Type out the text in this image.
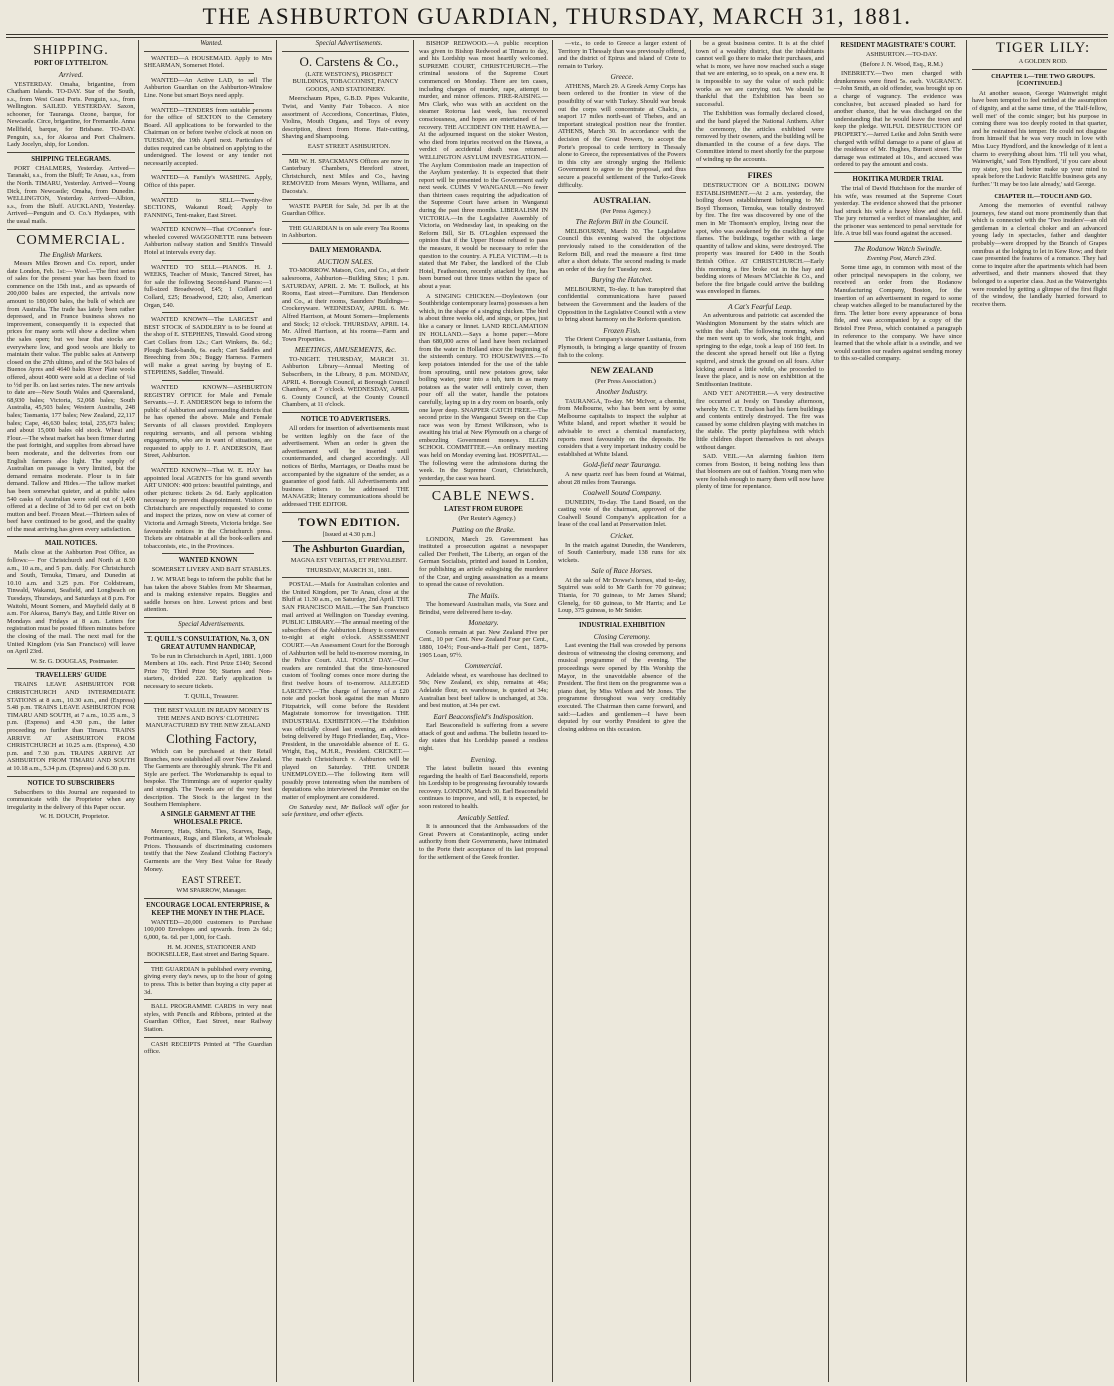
THE ASHBURTON GUARDIAN, THURSDAY, MARCH 31, 1881.
SHIPPING.
PORT OF LYTTELTON.
Arrived.

YESTERDAY. Omaha, brigantine, from Chatham Islands. TO-DAY. Star of the South, s.s., from West Coast Ports. Penguin, s.s., from Wellington. SAILED. YESTERDAY. Saxon, schooner, for Tauranga. Ozone, barque, for Newcastle. Circe, brigantine, for Fremantle. Anna Mellfield, barque, for Brisbane. TO-DAY. Penguin, s.s., for Akaroa and Port Chalmers. Lady Jocelyn, ship, for London.

SHIPPING TELEGRAMS.

PORT CHALMERS, Yesterday. Arrived—Taranaki, s.s., from the Bluff; Te Anau, s.s., from the North. TIMARU, Yesterday. Arrived—Young Dick, from Newcastle; Omaha, from Dunedin. WELLINGTON, Yesterday. Arrived—Albion, s.s., from the Bluff. AUCKLAND, Yesterday. Arrived—Penguin and O. Co.'s Hydaspes, with the usual mails.

COMMERCIAL.
The English Markets.

Messrs Miles Brown and Co. report, under date London, Feb. 1st:— Wool.—The first series of sales for the present year has been fixed to commence on the 15th inst., and as upwards of 200,000 bales are expected, the arrivals now amount to 180,000 bales, the bulk of which are from Australia. The trade has lately been rather depressed, and in France business shows no improvement, consequently it is expected that prices for many sorts will show a decline when the sales open; but we hear that stocks are everywhere low, and good wools are likely to maintain their value. The public sales at Antwerp closed on the 27th ultimo, and of the 563 bales of Buenos Ayres and 4640 bales River Plate wools offered, about 4000 were sold at a decline of ¼d to ½d per lb. on last series rates. The new arrivals to date are—New South Wales and Queensland, 68,930 bales; Victoria, 52,068 bales; South Australia, 45,503 bales; Western Australia, 248 bales; Tasmania, 177 bales; New Zealand, 22,117 bales; Cape, 46,630 bales; total, 235,673 bales; and about 15,000 bales old stock. Wheat and Flour.—The wheat market has been firmer during the past fortnight, and supplies from abroad have been moderate, and the deliveries from our English farmers also light. The supply of Australian on passage is very limited, but the demand remains moderate. Flour is in fair demand. Tallow and Hides.—The tallow market has been somewhat quieter, and at public sales 540 casks of Australian were sold out of 1,400 offered at a decline of 3d to 6d per cwt on both mutton and beef. Frozen Meat.—Thirteen sales of beef have continued to be good, and the quality of the meat arriving has given every satisfaction.

MAIL NOTICES.

Mails close at the Ashburton Post Office, as follows:— For Christchurch and North at 8.30 a.m., 10 a.m., and 5 p.m. daily. For Christchurch and South, Temuka, Timaru, and Dunedin at 10.10 a.m. and 3.25 p.m. For Coldstream, Tinwald, Wakanui, Seafield, and Longbeach on Tuesdays, Thursdays, and Saturdays at 8 p.m. For Waitohi, Mount Somers, and Mayfield daily at 8 a.m. For Akaroa, Barry's Bay, and Little River on Mondays and Fridays at 8 a.m. Letters for registration must be posted fifteen minutes before the closing of the mail. The next mail for the United Kingdom (via San Francisco) will leave on April 23rd.

W. Sr. G. DOUGLAS, Postmaster.

TRAVELLERS' GUIDE

TRAINS LEAVE ASHBURTON FOR CHRISTCHURCH AND INTERMEDIATE STATIONS at 8 a.m., 10.30 a.m., and (Express) 5.48 p.m. TRAINS LEAVE ASHBURTON FOR TIMARU AND SOUTH, at 7 a.m., 10.35 a.m., 3 p.m. (Express) and 4.30 p.m., the latter proceeding no further than Timaru. TRAINS ARRIVE AT ASHBURTON FROM CHRISTCHURCH at 10.25 a.m. (Express), 4.30 p.m. and 7.30 p.m. TRAINS ARRIVE AT ASHBURTON FROM TIMARU AND SOUTH at 10.18 a.m., 5.34 p.m. (Express) and 6.30 p.m.

NOTICE TO SUBSCRIBERS

Subscribers to this Journal are requested to communicate with the Proprietor when any irregularity in the delivery of this Paper occur.

W. H. DOUCH, Proprietor.

Wanted.

WANTED—A HOUSEMAID. Apply to Mrs SHEARMAN, Somerset Hotel.

WANTED—An Active LAD, to sell The Ashburton Guardian on the Ashburton-Winslow Line. None but smart Boys need apply.

WANTED—TENDERS from suitable persons for the office of SEXTON to the Cemetery Board. All applications to be forwarded to the Chairman on or before twelve o'clock at noon on TUESDAY, the 19th April next. Particulars of duties required can be obtained on applying to the undersigned. The lowest or any tender not necessarily accepted.

WANTED—A Family's WASHING. Apply, Office of this paper.

WANTED to SELL—Twenty-five SECTIONS, Wakanui Road; Apply to FANNING, Tent-maker, East Street.

WANTED KNOWN—That O'Connor's four-wheeled covered WAGGONETTE runs between Ashburton railway station and Smith's Tinwald Hotel at intervals every day.

WANTED TO SELL—PIANOS. H. J. WEEKS, Teacher of Music, Tancred Street, has for sale the following Second-hand Pianos:—1 full-sized Broadwood, £45; 1 Collard and Collard, £25; Broadwood, £20; also, American Organ, £40.

WANTED KNOWN—The LARGEST and BEST STOCK of SADDLERY is to be found at the shop of E. STEPHENS, Tinwald. Good strong Cart Collars from 12s.; Cart Winkers, 8s. 6d.; Plough Back-bands, 6s. each; Cart Saddles and Breeching from 30s.; Buggy Harness. Farmers will make a great saving by buying of E. STEPHENS, Saddler, Tinwald.

WANTED KNOWN—ASHBURTON REGISTRY OFFICE for Male and Female Servants.—J. F. ANDERSON begs to inform the public of Ashburton and surrounding districts that he has opened the above. Male and Female Servants of all classes provided. Employers requiring servants, and all persons wishing engagements, who are in want of situations, are requested to apply to J. F. ANDERSON, East Street, Ashburton.

WANTED KNOWN—That W. E. HAY has appointed local AGENTS for his grand seventh ART UNION: 400 prizes: beautiful paintings, and other pictures: tickets 2s 6d. Early application necessary to prevent disappointment. Visitors to Christchurch are respectfully requested to come and inspect the prizes, now on view at corner of Victoria and Armagh Streets, Victoria bridge. See favourable notices in the Christchurch press. Tickets are obtainable at all the book-sellers and tobacconists, etc., in the Provinces.

WANTED KNOWN

SOMERSET LIVERY AND BAIT STABLES.

J. W. M'RAE begs to inform the public that he has taken the above Stables from Mr Shearman, and is making extensive repairs. Buggies and saddle horses on hire. Lowest prices and best attention.

Special Advertisements.

T. QUILL'S CONSULTATION, No. 3, ON GREAT AUTUMN HANDICAP,

To be run in Christchurch in April, 1881. 1,000 Members at 10s. each. First Prize £140; Second Prize 70; Third Prize 50; Starters and Non-starters, divided 220. Early application is necessary to secure tickets.

T. QUILL, Treasurer.

THE BEST VALUE IN READY MONEY IS THE MEN'S AND BOYS' CLOTHING MANUFACTURED BY THE NEW ZEALAND

Clothing Factory,

Which can be purchased at their Retail Branches, now established all over New Zealand. The Garments are thoroughly shrunk. The Fit and Style are perfect. The Workmanship is equal to bespoke. The Trimmings are of superior quality and strength. The Tweeds are of the very best description. The Stock is the largest in the Southern Hemisphere.

A SINGLE GARMENT AT THE WHOLESALE PRICE.

Mercery, Hats, Shirts, Ties, Scarves, Bags, Portmanteaux, Rugs, and Blankets, at Wholesale Prices. Thousands of discriminating customers testify that the New Zealand Clothing Factory's Garments are the Very Best Value for Ready Money.

EAST STREET.

WM SPARROW, Manager.

ENCOURAGE LOCAL ENTERPRISE, & KEEP THE MONEY IN THE PLACE.

WANTED—20,000 customers to Purchase 100,000 Envelopes and upwards. from 2s 6d.; 6,000, 6s. 6d. per 1,000, for Cash.

H. M. JONES, STATIONER AND BOOKSELLER, East street and Baring Square.

THE GUARDIAN is published every evening, giving every day's news, up to the hour of going to press. This is better than buying a city paper at 3d.

BALL PROGRAMME CARDS in very neat styles, with Pencils and Ribbons, printed at the Guardian Office, East Street, near Railway Station.

CASH RECEIPTS Printed at "The Guardian office.

Special Advertisements.

O. Carstens & Co.,

(LATE WESTON'S), PROSPECT BUILDINGS, TOBACCONIST, FANCY GOODS, AND STATIONERY.

Meerschaum Pipes, G.B.D. Pipes Vulcanite, Twist, and Vanity Fair Tobacco. A nice assortment of Accordions, Concertinas, Flutes, Violins, Mouth Organs, and Toys of every description, direct from Home. Hair-cutting, Shaving and Shampooing.

EAST STREET ASHBURTON.

MR W. H. SPACKMAN'S Offices are now in Canterbury Chambers, Hereford street, Christchurch, next Miles and Co., having REMOVED from Messrs Wynn, Williams, and Dacosta's.

WASTE PAPER for Sale, 3d. per lb at the Guardian Office.

THE GUARDIAN is on sale every Tea Rooms in Ashburton.

DAILY MEMORANDA.
AUCTION SALES.

TO-MORROW. Matson, Cox, and Co., at their salesrooms, Ashburton—Building Sites; 1 p.m. SATURDAY, APRIL 2. Mr. T. Bullock, at his Rooms, East street—Furniture. Dan Henderson and Co., at their rooms, Saunders' Buildings—Crockeryware. WEDNESDAY, APRIL 6. Mr. Alfred Harrison, at Mount Somers—Implements and Stock; 12 o'clock. THURSDAY, APRIL 14. Mr. Alfred Harrison, at his rooms—Farm and Town Properties.

MEETINGS, AMUSEMENTS, &c.

TO-NIGHT. THURSDAY, MARCH 31. Ashburton Library—Annual Meeting of Subscribers, in the Library, 8 p.m. MONDAY, APRIL 4. Borough Council, at Borough Council Chambers, at 7 o'clock. WEDNESDAY, APRIL 6. County Council, at the County Council Chambers, at 11 o'clock.

NOTICE TO ADVERTISERS.

All orders for insertion of advertisements must be written legibly on the face of the advertisement. When an order is given the advertisement will be inserted until countermanded, and charged accordingly. All notices of Births, Marriages, or Deaths must be accompanied by the signature of the sender, as a guarantee of good faith. All Advertisements and business letters to be addressed THE MANAGER; literary communications should be addressed THE EDITOR.

TOWN EDITION.

[Issued at 4.30 p.m.]

The Ashburton Guardian,

MAGNA EST VERITAS, ET PREVALEBIT.

THURSDAY, MARCH 31, 1881.

POSTAL.—Mails for Australian colonies and the United Kingdom, per Te Anau, close at the Bluff at 11.30 a.m., on Saturday, 2nd April. THE SAN FRANCISCO MAIL.—The San Francisco mail arrived at Wellington on Tuesday evening. PUBLIC LIBRARY.—The annual meeting of the subscribers of the Ashburton Library is convened to-night at eight o'clock. ASSESSMENT COURT.—An Assessment Court for the Borough of Ashburton will be held to-morrow morning, in the Police Court. ALL FOOLS' DAY.—Our readers are reminded that the time-honoured custom of 'fooling' comes once more during the first twelve hours of to-morrow. ALLEGED LARCENY.—The charge of larceny of a £20 note and pocket book against the man Munro Fitzpatrick, will come before the Resident Magistrate tomorrow for investigation. THE INDUSTRIAL EXHIBITION.—The Exhibition was officially closed last evening, an address being delivered by Hugo Friedlander, Esq., Vice-President, in the unavoidable absence of E. G. Wright, Esq., M.H.R., President. CRICKET.—The match Christchurch v. Ashburton will be played on Saturday. THE UNDER UNEMPLOYED.—The following item will possibly prove interesting when the numbers of deputations who interviewed the Premier on the matter of employment are considered.

On Saturday next, Mr Bullock will offer for sale furniture, and other effects.

BISHOP REDWOOD.—A public reception was given to Bishop Redwood at Timaru to day, and his Lordship was most heartily welcomed. SUPREME COURT, CHRISTCHURCH.—The criminal sessions of the Supreme Court commenced on Monday. There are ten cases, including charges of murder, rape, attempt to murder, and minor offences. FIRE-RAISING.—Mrs Clark, who was with an accident on the steamer Rotorua last week, has recovered consciousness, and hopes are entertained of her recovery. THE ACCIDENT ON THE HAWEA.—At the adjourned inquest on the stoker Weston, who died from injuries received on the Hawea, a verdict of accidental death was returned. WELLINGTON ASYLUM INVESTIGATION.—The Asylum Commission made an inspection of the Asylum yesterday. It is expected that their report will be presented to the Government early next week. CUIMS V WANGANUI.—No fewer than thirteen cases requiring the adjudication of the Supreme Court have arisen in Wanganui during the past three months. LIBERALISM IN VICTORIA.—In the Legislative Assembly of Victoria, on Wednesday last, in speaking on the Reform Bill, Sir B. O'Loghlen expressed the opinion that if the Upper House refused to pass the measure, it would be necessary to refer the question to the country. A FLEA VICTIM.—It is stated that Mr Faber, the landlord of the Club Hotel, Featherston, recently attacked by fire, has been burned out three times within the space of about a year.

A SINGING CHICKEN.—Doylestown (our Southbridge contemporary learns) possesses a hen which, in the shape of a singing chicken. The bird is about three weeks old, and sings, or pipes, just like a canary or linnet. LAND RECLAMATION IN HOLLAND.—Says a home paper:—More than 680,000 acres of land have been reclaimed from the water in Holland since the beginning of the sixteenth century. TO HOUSEWIVES.—To keep potatoes intended for the use of the table from sprouting, until new potatoes grow, take boiling water, pour into a tub, turn in as many potatoes as the water will entirely cover, then pour off all the water, handle the potatoes carefully, laying up in a dry room on boards, only one layer deep. SNAPPER CATCH FREE.—The second prize in the Wanganui Sweep on the Cup race was won by Ernest Wilkinson, who is awaiting his trial at New Plymouth on a charge of embezzling Government moneys. ELGIN SCHOOL COMMITTEE.—An ordinary meeting was held on Monday evening last. HOSPITAL.—The following were the admissions during the week. In the Supreme Court, Christchurch, yesterday, the case was heard.

CABLE NEWS.
LATEST FROM EUROPE

(Per Reuter's Agency.)

Putting on the Brake.

LONDON, March 29. Government has instituted a prosecution against a newspaper called Der Freiheit, The Liberty, an organ of the German Socialists, printed and issued in London, for publishing an article eulogising the murderer of the Czar, and urging assassination as a means to spread the cause of revolution.

The Mails.

The homeward Australian mails, via Suez and Brindisi, were delivered here to-day.

Monetary.

Consols remain at par. New Zealand Five per Cent., 10 per Cent. New Zealand Four per Cent., 1880, 104½; Four-and-a-Half per Cent., 1879-1905 Loan, 97½.

Commercial.

Adelaide wheat, ex warehouse has declined to 50s; New Zealand, ex ship, remains at 46s; Adelaide flour, ex warehouse, is quoted at 34s; Australian best beef tallow is unchanged, at 33s. and best mutton, at 34s per cwt.

Earl Beaconsfield's Indisposition.

Earl Beaconsfield is suffering from a severe attack of gout and asthma. The bulletin issued to-day states that his Lordship passed a restless night.

Evening.

The latest bulletin issued this evening regarding the health of Earl Beaconsfield, reports his Lordship to be progressing favourably towards recovery. LONDON, March 30. Earl Beaconsfield continues to improve, and will, it is expected, be soon restored to health.

Amicably Settled.

It is announced that the Ambassadors of the Great Powers at Constantinople, acting under authority from their Governments, have intimated to the Porte their acceptance of its last proposal for the settlement of the Greek frontier.

—viz., to cede to Greece a larger extent of Territory in Thessaly than was previously offered, and the district of Epirus and island of Crete to remain to Turkey.

Greece.

ATHENS, March 29. A Greek Army Corps has been ordered to the frontier in view of the possibility of war with Turkey. Should war break out the corps will concentrate at Chalcis, a seaport 17 miles north-east of Thebes, and an important strategical position near the frontier. ATHENS, March 30. In accordance with the decision of the Great Powers, to accept the Porte's proposal to cede territory in Thessaly alone to Greece, the representatives of the Powers in this city are strongly urging the Hellenic Government to agree to the proposal, and thus secure a peaceful settlement of the Turko-Greek difficulty.

AUSTRALIAN.

(Per Press Agency.)

The Reform Bill in the Council.

MELBOURNE, March 30. The Legislative Council this evening waived the objections previously raised to the consideration of the Reform Bill, and read the measure a first time after a short debate. The second reading is made an order of the day for Tuesday next.

Burying the Hatchet.

MELBOURNE, To-day. It has transpired that confidential communications have passed between the Government and the leaders of the Opposition in the Legislative Council with a view to bring about harmony on the Reform question.

Frozen Fish.

The Orient Company's steamer Lusitania, from Plymouth, is bringing a large quantity of frozen fish to the colony.

NEW ZEALAND

(Per Press Association.)

Another Industry.

TAURANGA, To-day. Mr McIvor, a chemist, from Melbourne, who has been sent by some Melbourne capitalists to inspect the sulphur at White Island, and report whether it would be advisable to erect a chemical manufactory, reports most favourably on the deposits. He considers that a very important industry could be established at White Island.

Gold-field near Tauranga.

A new quartz reef has been found at Waimai, about 28 miles from Tauranga.

Coalwell Sound Company.

DUNEDIN, To-day. The Land Board, on the casting vote of the chairman, approved of the Coalwell Sound Company's application for a lease of the coal land at Preservation Inlet.

Cricket.

In the match against Dunedin, the Wanderers, of South Canterbury, made 138 runs for six wickets.

Sale of Race Horses.

At the sale of Mr Dowse's horses, stud to-day, Squirrel was sold to Mr Garth for 70 guineas; Titania, for 70 guineas, to Mr James Shand; Glenelg, for 60 guineas, to Mr Harris; and Le Loup, 375 guineas, to Mr Snider.

INDUSTRIAL EXHIBITION
Closing Ceremony.

Last evening the Hall was crowded by persons desirous of witnessing the closing ceremony, and musical programme of the evening. The proceedings were opened by His Worship the Mayor, in the unavoidable absence of the President. The first item on the programme was a piano duet, by Miss Wilson and Mr Jones. The programme throughout was very creditably executed. The Chairman then came forward, and said:—Ladies and gentlemen—I have been deputed by our worthy President to give the closing address on this occasion.

be a great business centre. It is at the chief town of a wealthy district, that the inhabitants cannot well go there to make their purchases, and what is more, we have now reached such a stage that we are entering, so to speak, on a new era. It is impossible to say the value of such public works as we are carrying out. We should be thankful that the Exhibition has been so successful.

The Exhibition was formally declared closed, and the band played the National Anthem. After the ceremony, the articles exhibited were removed by their owners, and the building will be dismantled in the course of a few days. The Committee intend to meet shortly for the purpose of winding up the accounts.

FIRES

DESTRUCTION OF A BOILING DOWN ESTABLISHMENT.—At 2 a.m. yesterday, the boiling down establishment belonging to Mr. Boyd Thomson, Temuka, was totally destroyed by fire. The fire was discovered by one of the men in Mr Thomson's employ, living near the spot, who was awakened by the crackling of the flames. The buildings, together with a large quantity of tallow and skins, were destroyed. The property was insured for £400 in the South British Office. AT CHRISTCHURCH.—Early this morning a fire broke out in the hay and bedding stores of Messrs M'Clatchie & Co., and before the fire brigade could arrive the building was enveloped in flames.

A Cat's Fearful Leap.

An adventurous and patriotic cat ascended the Washington Monument by the stairs which are within the shaft. The following morning, when the men went up to work, she took fright, and springing to the edge, took a leap of 160 feet. In the descent she spread herself out like a flying squirrel, and struck the ground on all fours. After kicking around a little while, she proceeded to leave the place, and is now on exhibition at the Smithsonian Institute.

AND YET ANOTHER.—A very destructive fire occurred at Ivesly on Tuesday afternoon, whereby Mr. C. T. Dudson had his farm buildings and contents entirely destroyed. The fire was caused by some children playing with matches in the stable. The pretty playfulness with which little children disport themselves is not always without danger.

SAD. VEIL.—An alarming fashion item comes from Boston, it being nothing less than that bloomers are out of fashion. Young men who were foolish enough to marry them will now have plenty of time for repentance.

RESIDENT MAGISTRATE'S COURT.

ASHBURTON.—TO-DAY.

(Before J. N. Wood, Esq., R.M.)

INEBRIETY.—Two men charged with drunkenness were fined 5s. each. VAGRANCY.—John Smith, an old offender, was brought up on a charge of vagrancy. The evidence was conclusive, but accused pleaded so hard for another chance, that he was discharged on the understanding that he would leave the town and keep the pledge. WILFUL DESTRUCTION OF PROPERTY.—Jarred Leike and John Smith were charged with wilful damage to a pane of glass at the residence of Mr. Hughes, Burnett street. The damage was estimated at 10s., and accused was ordered to pay the amount and costs.

HOKITIKA MURDER TRIAL

The trial of David Hutchison for the murder of his wife, was resumed at the Supreme Court yesterday. The evidence showed that the prisoner had struck his wife a heavy blow and she fell. The jury returned a verdict of manslaughter, and the prisoner was sentenced to penal servitude for life. A true bill was found against the accused.

The Rodanow Watch Swindle.

Evening Post, March 23rd.

Some time ago, in common with most of the other principal newspapers in the colony, we received an order from the Rodanow Manufacturing Company, Boston, for the insertion of an advertisement in regard to some cheap watches alleged to be manufactured by the firm. The letter bore every appearance of bona fide, and was accompanied by a copy of the Bristol Free Press, which contained a paragraph in reference to the company. We have since learned that the whole affair is a swindle, and we would caution our readers against sending money to this so-called company.

TIGER LILY:

A GOLDEN ROD.

CHAPTER I.—THE TWO GROUPS. [CONTINUED.]

At another season, George Wainwright might have been tempted to feel nettled at the assumption of dignity, and at the same time, of the 'Half-fellow, well met' of the comic singer; but his purpose in coming there was too deeply rooted in that quarter, and he restrained his temper. He could not disguise from himself that he was very much in love with Miss Lucy Hyndford, and the knowledge of it lent a charm to everything about him. 'I'll tell you what, Wainwright,' said Tom Hyndford, 'if you care about my sister, you had better make up your mind to speak before the Ludovic Ratcliffe business gets any further.' 'It may be too late already,' said George.

CHAPTER II.—TOUCH AND GO.

Among the memories of eventful railway journeys, few stand out more prominently than that which is connected with the 'Two insiders'—an old gentleman in a clerical choker and an advanced young lady in spectacles, father and daughter probably—were dropped by the Branch of Grapes omnibus at the lodging to let in Kew Row; and their case presented the features of a romance. They had come to inquire after the apartments which had been advertised, and their manners showed that they belonged to a superior class. Just as the Wainwrights were rounded by getting a glimpse of the first flight of the window, the landlady hurried forward to receive them.
